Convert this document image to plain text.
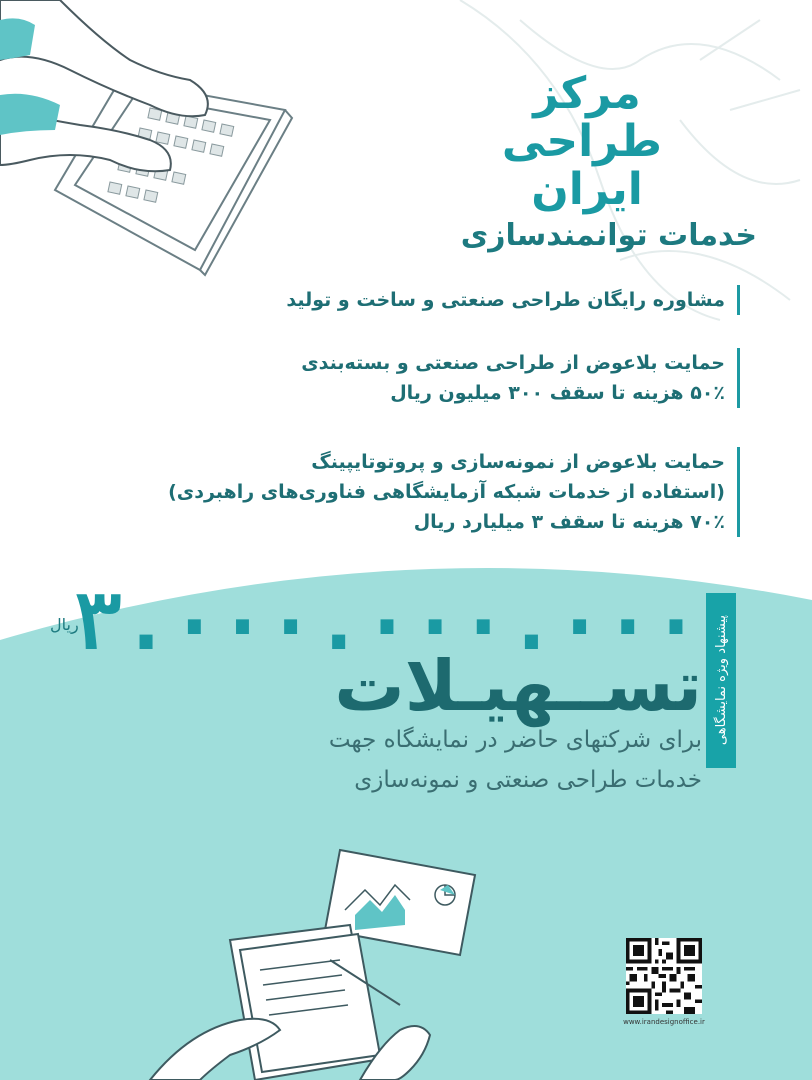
مرکز
طراحی
ایران
خدمات توانمندسازی
مشاوره رایگان طراحی صنعتی و ساخت و تولید
حمایت بلاعوض از طراحی صنعتی و بسته‌بندی
۵۰٪ هزینه تا سقف ۳۰۰ میلیون ریال
حمایت بلاعوض از نمونه‌سازی و پروتوتایپینگ
(استفاده از خدمات شبکه آزمایشگاهی فناوری‌های راهبردی)
۷۰٪ هزینه تا سقف ۳ میلیارد ریال
۳.۰۰۰.۰۰۰.۰۰۰
ریال
تســهیـلات
برای شرکتهای حاضر در نمایشگاه جهت
خدمات طراحی صنعتی و نمونه‌سازی
پیشنهاد ویژه نمایشگاهی
www.irandesignoffice.ir
